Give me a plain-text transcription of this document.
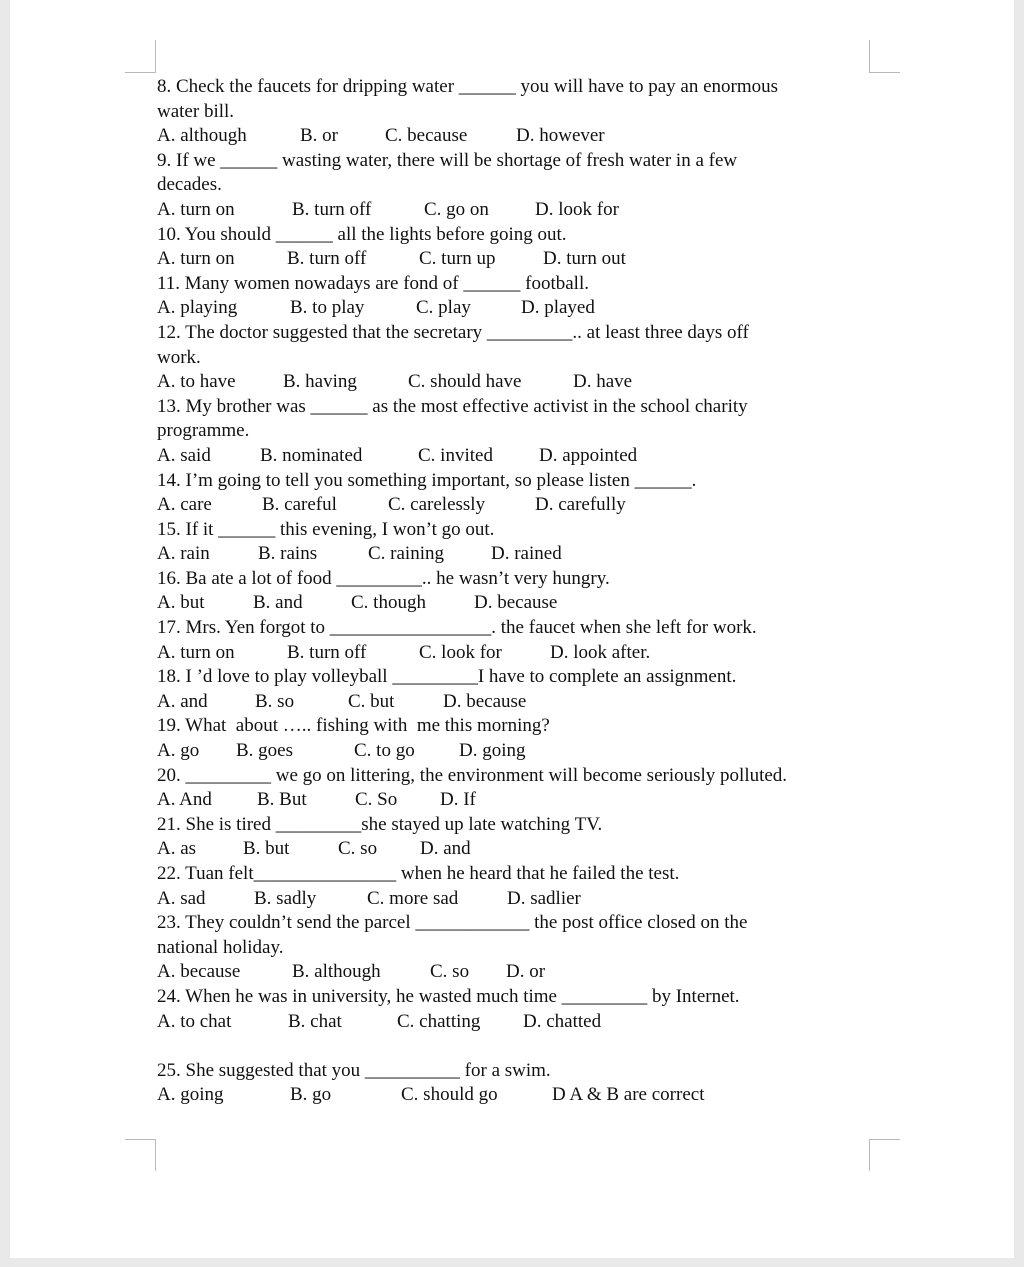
8. Check the faucets for dripping water ______ you will have to pay an enormous
water bill.
A. although	B. or C. because	D. however
9. If we ______ wasting water, there will be shortage of fresh water in a few
decades.
A. turn on	B. turn off	C. go on D. look for
10. You should ______ all the lights before going out.
A. turn on	B. turn off	C. turn up D. turn out
11. Many women nowadays are fond of ______ football.
A. playing	B. to play	C. play	D. played
12. The doctor suggested that the secretary _________.. at least three days off
work.
A. to have B. having	C. should have	D. have
13. My brother was ______ as the most effective activist in the school charity
programme.
A. said	B. nominated	C. invited D. appointed
14. I’m going to tell you something important, so please listen ______.
A. care	B. careful	C. carelessly	D. carefully
15. If it ______ this evening, I won’t go out.
A. rain	B. rains	C. raining D. rained
16. Ba ate a lot of food _________.. he wasn’t very hungry.
A. but	B. and	C. though	D. because
17. Mrs. Yen forgot to _________________. the faucet when she left for work.
A. turn on	B. turn off	C. look for	D. look after.
18. I ’d love to play volleyball _________I have to complete an assignment.
A. and B. so	C. but	D. because
19. What  about ….. fishing with  me this morning?
A. go B. goes	C. to go D. going
20. _________ we go on littering, the environment will become seriously polluted.
A. And B. But	C. So D. If
21. She is tired _________she stayed up late watching TV.
A. as B. but	C. so D. and
22. Tuan felt_______________ when he heard that he failed the test.
A. sad	B. sadly	C. more sad	D. sadlier
23. They couldn’t send the parcel ____________ the post office closed on the
national holiday.
A. because	B. although	C. so D. or
24. When he was in university, he wasted much time _________ by Internet.
A. to chat	B. chat	C. chatting D. chatted
25. She suggested that you __________ for a swim.
A. going	B. go	C. should go	D A & B are correct
